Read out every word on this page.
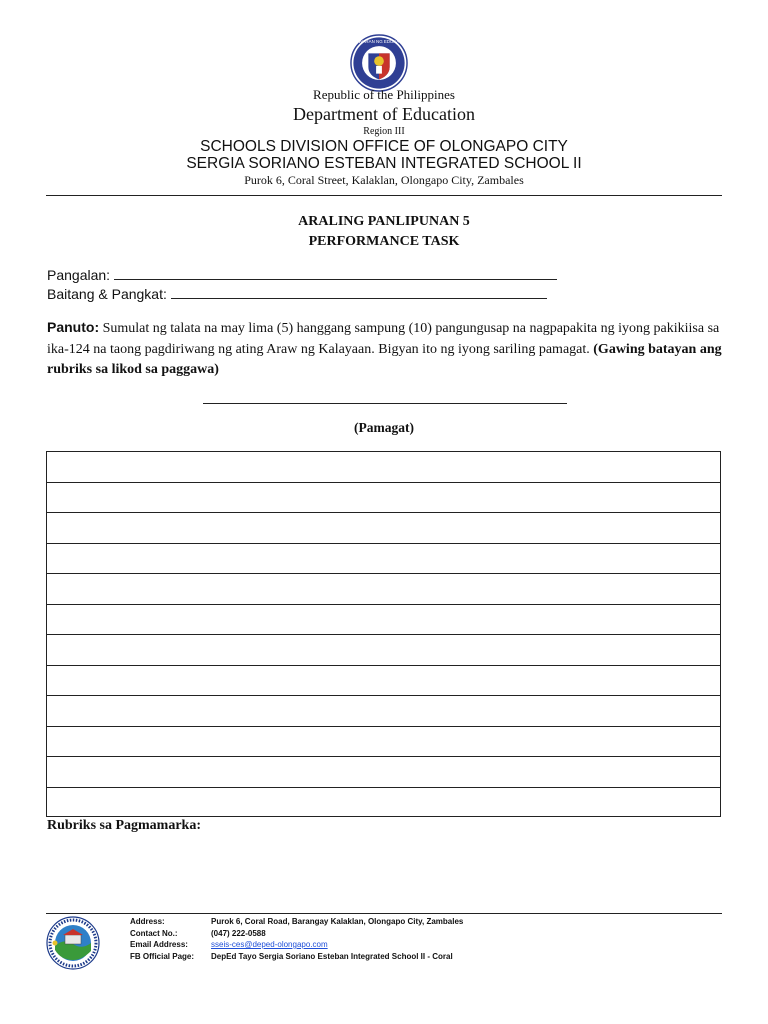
KAGAWARAN NG EDUKASYON
Republic of the Philippines
Department of Education
Region III
SCHOOLS DIVISION OFFICE OF OLONGAPO CITY
SERGIA SORIANO ESTEBAN INTEGRATED SCHOOL II
Purok 6, Coral Street, Kalaklan, Olongapo City, Zambales
ARALING PANLIPUNAN 5
PERFORMANCE TASK
Pangalan:
Baitang & Pangkat:
Panuto: Sumulat ng talata na may lima (5) hanggang sampung (10) pangungusap na nagpapakita ng iyong pakikiisa sa ika-124 na taong pagdiriwang ng ating Araw ng Kalayaan. Bigyan ito ng iyong sariling pamagat. (Gawing batayan ang rubriks sa likod sa paggawa)
(Pamagat)
Rubriks sa Pagmamarka:
Address:	Purok 6, Coral Road, Barangay Kalaklan, Olongapo City, Zambales
Contact No.:	(047) 222-0588
Email Address:	sseis-ces@deped-olongapo.com
FB Official Page:	DepEd Tayo Sergia Soriano Esteban Integrated School II - Coral
